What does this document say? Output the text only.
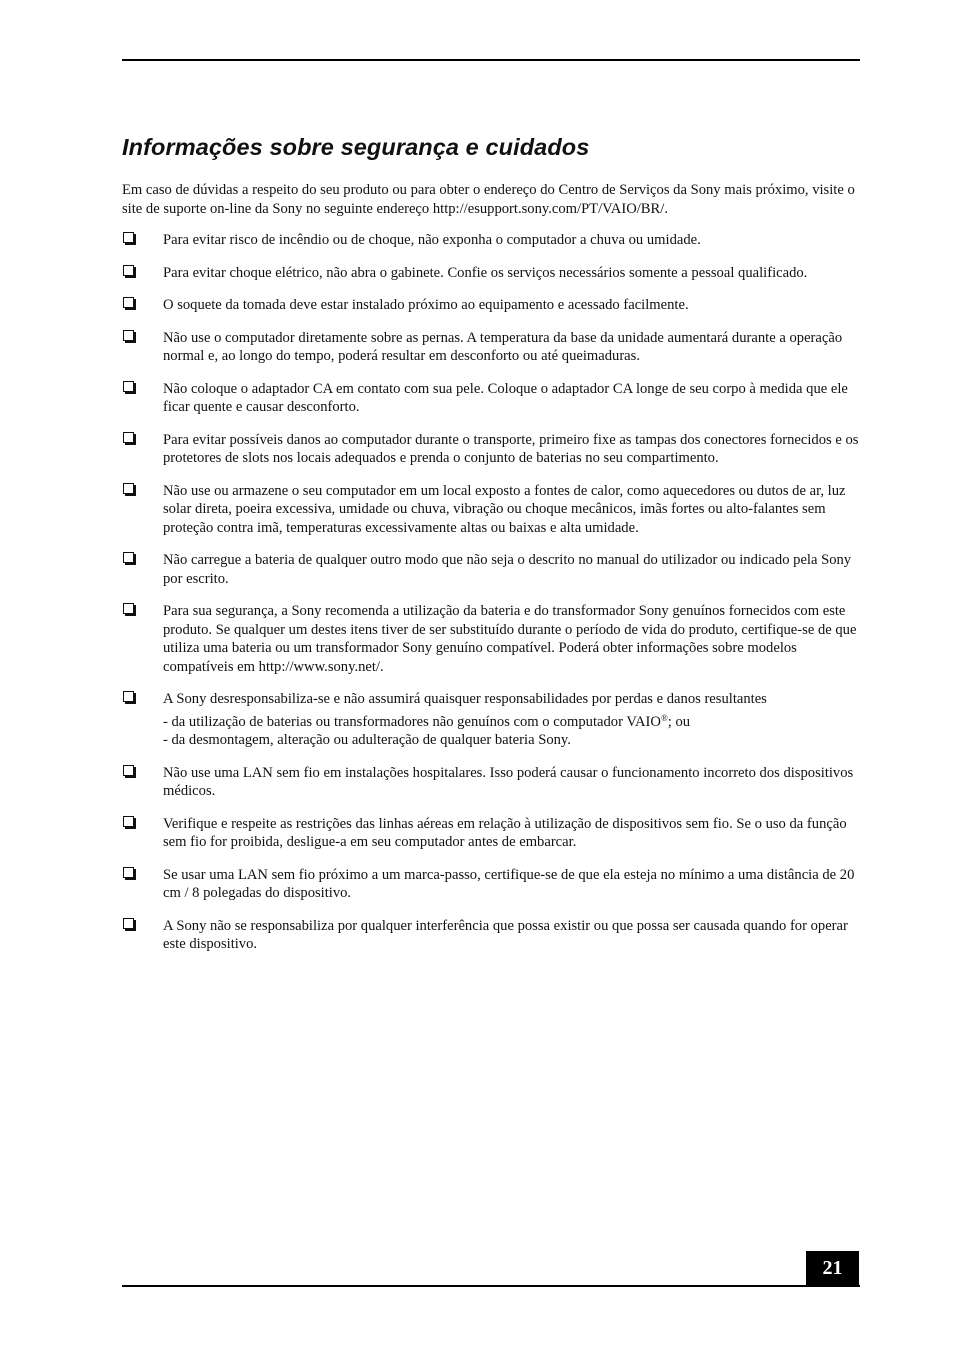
Informações sobre segurança e cuidados

Em caso de dúvidas a respeito do seu produto ou para obter o endereço do Centro de Serviços da Sony mais próximo, visite o site de suporte on-line da Sony no seguinte endereço http://esupport.sony.com/PT/VAIO/BR/.

Para evitar risco de incêndio ou de choque, não exponha o computador a chuva ou umidade.
Para evitar choque elétrico, não abra o gabinete. Confie os serviços necessários somente a pessoal qualificado.
O soquete da tomada deve estar instalado próximo ao equipamento e acessado facilmente.
Não use o computador diretamente sobre as pernas. A temperatura da base da unidade aumentará durante a operação normal e, ao longo do tempo, poderá resultar em desconforto ou até queimaduras.
Não coloque o adaptador CA em contato com sua pele. Coloque o adaptador CA longe de seu corpo à medida que ele ficar quente e causar desconforto.
Para evitar possíveis danos ao computador durante o transporte, primeiro fixe as tampas dos conectores fornecidos e os protetores de slots nos locais adequados e prenda o conjunto de baterias no seu compartimento.
Não use ou armazene o seu computador em um local exposto a fontes de calor, como aquecedores ou dutos de ar, luz solar direta, poeira excessiva, umidade ou chuva, vibração ou choque mecânicos, imãs fortes ou alto-falantes sem proteção contra imã, temperaturas excessivamente altas ou baixas e alta umidade.
Não carregue a bateria de qualquer outro modo que não seja o descrito no manual do utilizador ou indicado pela Sony por escrito.
Para sua segurança, a Sony recomenda a utilização da bateria e do transformador Sony genuínos fornecidos com este produto. Se qualquer um destes itens tiver de ser substituído durante o período de vida do produto, certifique-se de que utiliza uma bateria ou um transformador Sony genuíno compatível. Poderá obter informações sobre modelos compatíveis em http://www.sony.net/.
A Sony desresponsabiliza-se e não assumirá quaisquer responsabilidades por perdas e danos resultantes
- da utilização de baterias ou transformadores não genuínos com o computador VAIO®; ou
- da desmontagem, alteração ou adulteração de qualquer bateria Sony.
Não use uma LAN sem fio em instalações hospitalares. Isso poderá causar o funcionamento incorreto dos dispositivos médicos.
Verifique e respeite as restrições das linhas aéreas em relação à utilização de dispositivos sem fio. Se o uso da função sem fio for proibida, desligue-a em seu computador antes de embarcar.
Se usar uma LAN sem fio próximo a um marca-passo, certifique-se de que ela esteja no mínimo a uma distância de 20 cm / 8 polegadas do dispositivo.
A Sony não se responsabiliza por qualquer interferência que possa existir ou que possa ser causada quando for operar este dispositivo.
21
